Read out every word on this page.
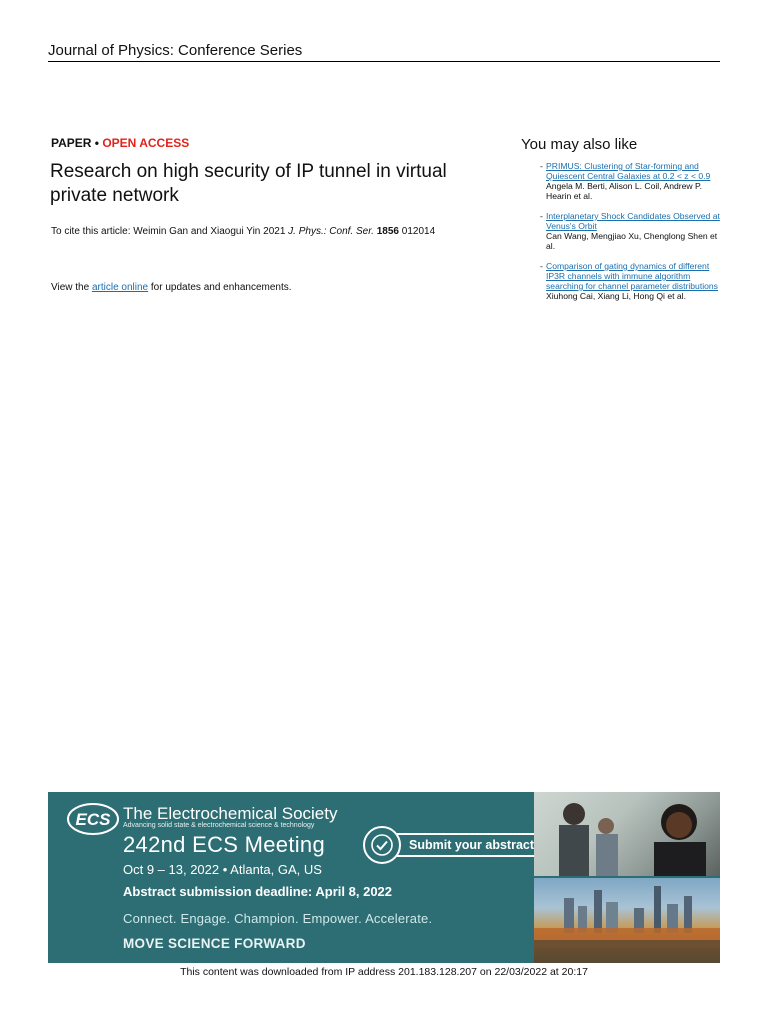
Journal of Physics: Conference Series
PAPER • OPEN ACCESS
Research on high security of IP tunnel in virtual private network
To cite this article: Weimin Gan and Xiaogui Yin 2021 J. Phys.: Conf. Ser. 1856 012014
View the article online for updates and enhancements.
You may also like
- PRIMUS: Clustering of Star-forming and Quiescent Central Galaxies at 0.2 < z < 0.9
Angela M. Berti, Alison L. Coil, Andrew P. Hearin et al.
- Interplanetary Shock Candidates Observed at Venus's Orbit
Can Wang, Mengjiao Xu, Chenglong Shen et al.
- Comparison of gating dynamics of different IP3R channels with immune algorithm searching for channel parameter distributions
Xiuhong Cai, Xiang Li, Hong Qi et al.
ECS The Electrochemical Society
Advancing solid state & electrochemical science & technology
242nd ECS Meeting
Oct 9 – 13, 2022 • Atlanta, GA, US
Abstract submission deadline: April 8, 2022
Connect. Engage. Champion. Empower. Accelerate.
MOVE SCIENCE FORWARD
Submit your abstract
This content was downloaded from IP address 201.183.128.207 on 22/03/2022 at 20:17
